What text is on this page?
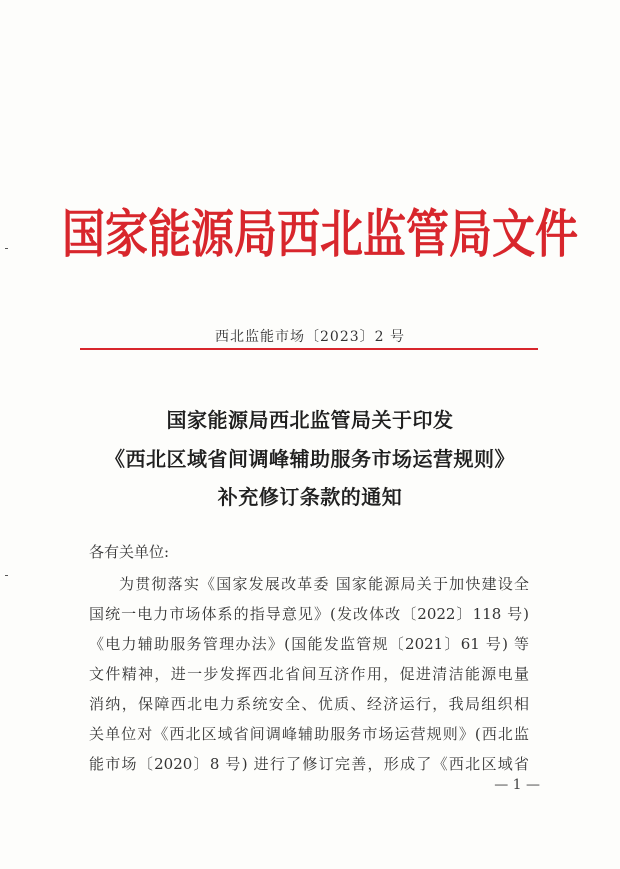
国家能源局西北监管局文件
西北监能市场〔2023〕2 号
国家能源局西北监管局关于印发
《西北区域省间调峰辅助服务市场运营规则》
补充修订条款的通知
各有关单位:
为贯彻落实《国家发展改革委 国家能源局关于加快建设全
国统一电力市场体系的指导意见》(发改体改〔2022〕118 号)
《电力辅助服务管理办法》(国能发监管规〔2021〕61 号) 等
文件精神，进一步发挥西北省间互济作用，促进清洁能源电量
消纳，保障西北电力系统安全、优质、经济运行，我局组织相
关单位对《西北区域省间调峰辅助服务市场运营规则》(西北监
能市场〔2020〕8 号) 进行了修订完善，形成了《西北区域省
— 1 —
